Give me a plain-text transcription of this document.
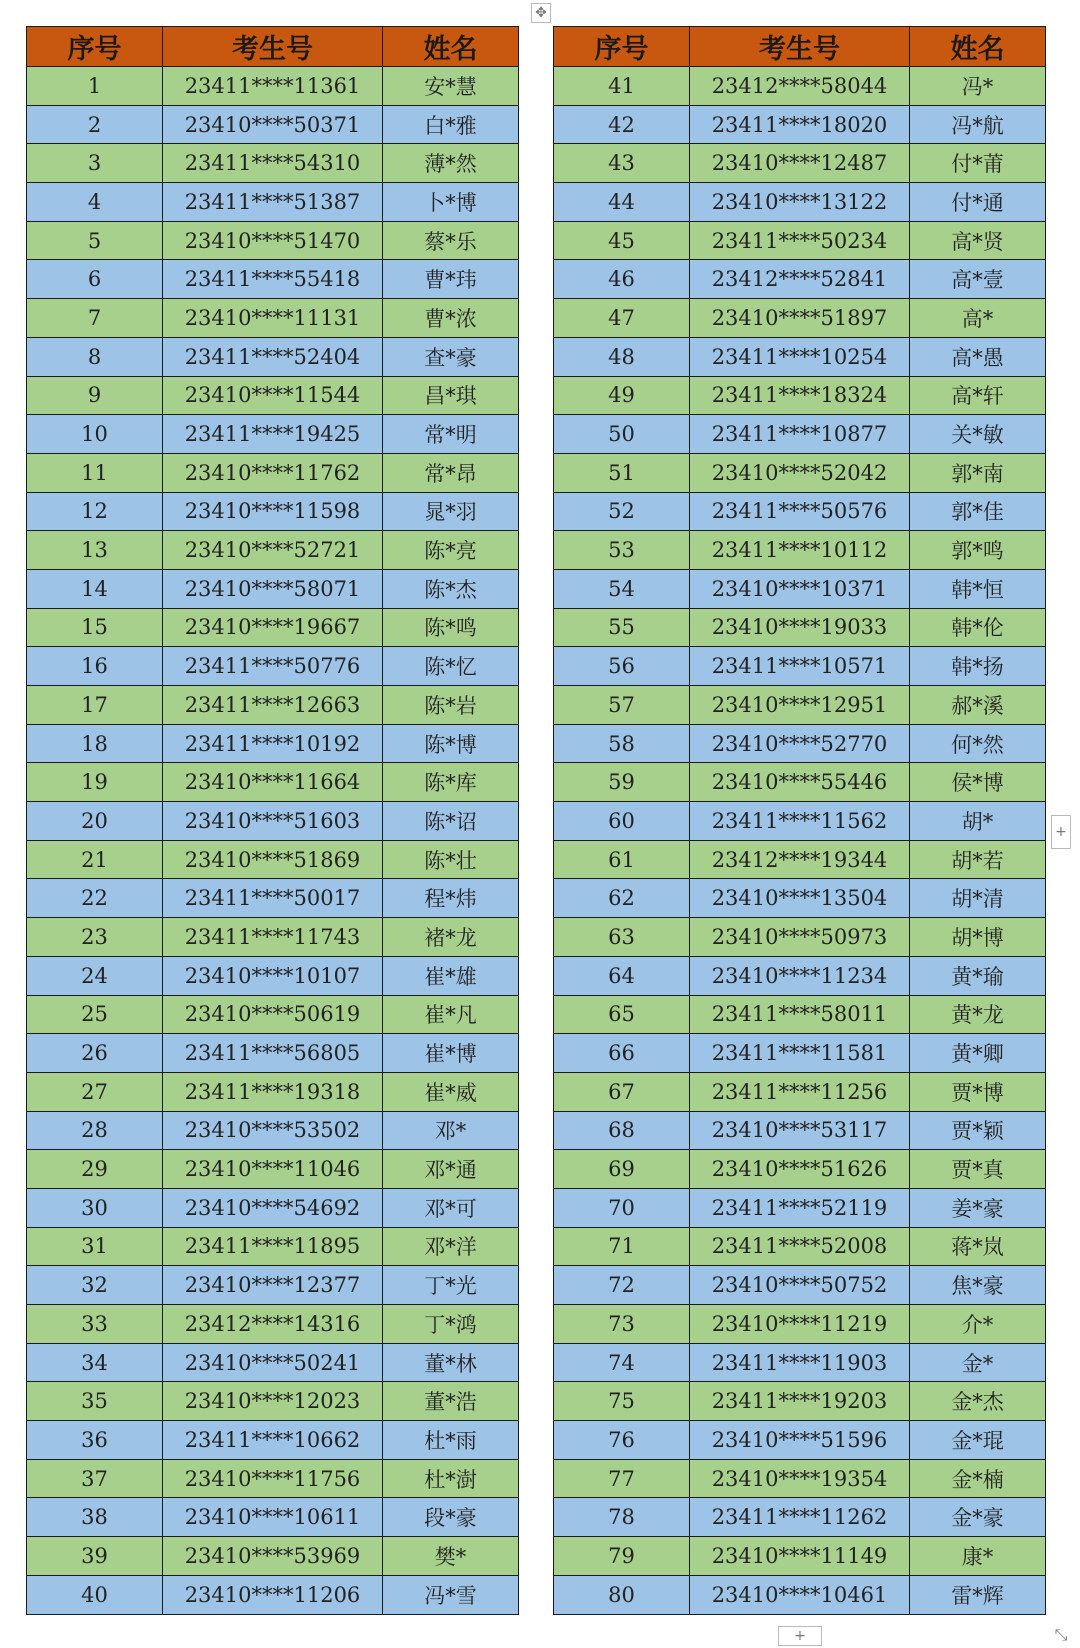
✥
序号	考生号	姓名
1	23411****11361	安*慧
2	23410****50371	白*雅
3	23411****54310	薄*然
4	23411****51387	卜*博
5	23410****51470	蔡*乐
6	23411****55418	曹*玮
7	23410****11131	曹*浓
8	23411****52404	查*豪
9	23410****11544	昌*琪
10	23411****19425	常*明
11	23410****11762	常*昂
12	23410****11598	晁*羽
13	23410****52721	陈*亮
14	23410****58071	陈*杰
15	23410****19667	陈*鸣
16	23411****50776	陈*忆
17	23411****12663	陈*岩
18	23411****10192	陈*博
19	23410****11664	陈*库
20	23410****51603	陈*诏
21	23410****51869	陈*壮
22	23411****50017	程*炜
23	23411****11743	褚*龙
24	23410****10107	崔*雄
25	23410****50619	崔*凡
26	23411****56805	崔*博
27	23411****19318	崔*威
28	23410****53502	邓*
29	23410****11046	邓*通
30	23410****54692	邓*可
31	23411****11895	邓*洋
32	23410****12377	丁*光
33	23412****14316	丁*鸿
34	23410****50241	董*林
35	23410****12023	董*浩
36	23411****10662	杜*雨
37	23410****11756	杜*澍
38	23410****10611	段*豪
39	23410****53969	樊*
40	23410****11206	冯*雪
序号	考生号	姓名
41	23412****58044	冯*
42	23411****18020	冯*航
43	23410****12487	付*莆
44	23410****13122	付*通
45	23411****50234	高*贤
46	23412****52841	高*壹
47	23410****51897	高*
48	23411****10254	高*愚
49	23411****18324	高*轩
50	23411****10877	关*敏
51	23410****52042	郭*南
52	23411****50576	郭*佳
53	23411****10112	郭*鸣
54	23410****10371	韩*恒
55	23410****19033	韩*伦
56	23411****10571	韩*扬
57	23410****12951	郝*溪
58	23410****52770	何*然
59	23410****55446	侯*博
60	23411****11562	胡*
61	23412****19344	胡*若
62	23410****13504	胡*清
63	23410****50973	胡*博
64	23410****11234	黄*瑜
65	23411****58011	黄*龙
66	23411****11581	黄*卿
67	23411****11256	贾*博
68	23410****53117	贾*颖
69	23410****51626	贾*真
70	23411****52119	姜*豪
71	23411****52008	蒋*岚
72	23410****50752	焦*豪
73	23410****11219	介*
74	23411****11903	金*
75	23411****19203	金*杰
76	23410****51596	金*琨
77	23410****19354	金*楠
78	23411****11262	金*豪
79	23410****11149	康*
80	23410****10461	雷*辉
+
+	⤡
